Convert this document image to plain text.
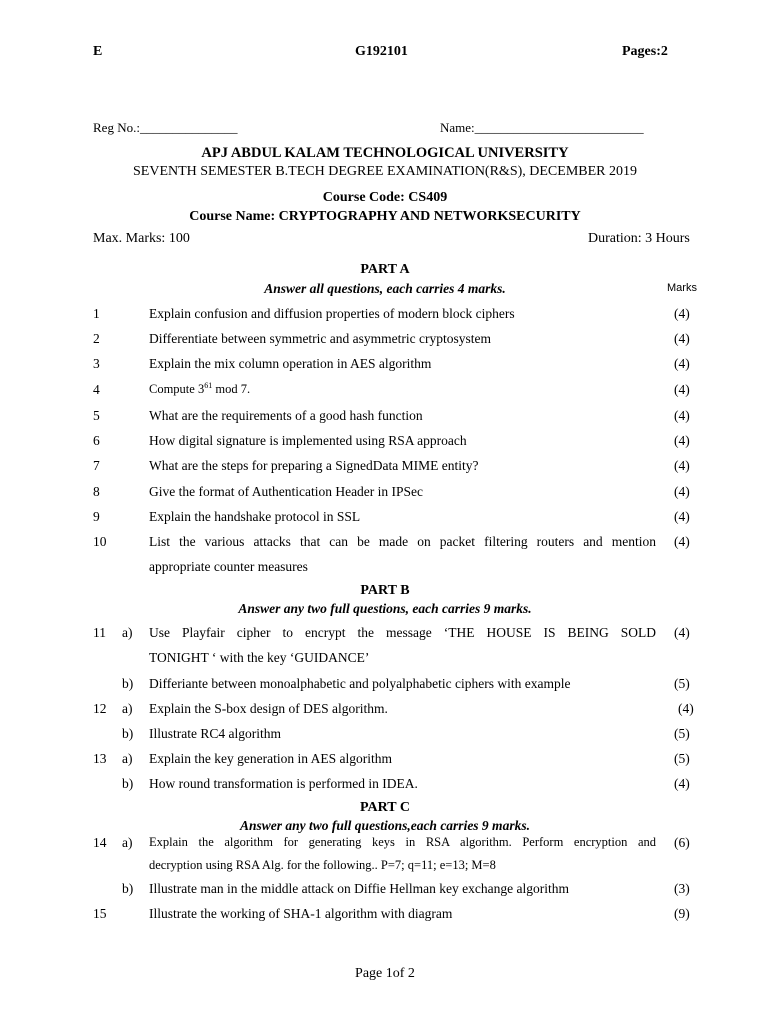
E	G192101	Pages:2
Reg No.:_______________	Name:__________________________
APJ ABDUL KALAM TECHNOLOGICAL UNIVERSITY
SEVENTH SEMESTER B.TECH DEGREE EXAMINATION(R&S), DECEMBER 2019
Course Code: CS409
Course Name: CRYPTOGRAPHY AND NETWORKSECURITY
Max. Marks: 100	Duration: 3 Hours
PART A
Answer all questions, each carries 4 marks.	Marks
1	Explain confusion and diffusion properties of modern block ciphers	(4)
2	Differentiate between symmetric and asymmetric cryptosystem	(4)
3	Explain the mix column operation in AES algorithm	(4)
4	Compute $3^{61}$ mod 7.	(4)
5	What are the requirements of a good hash function	(4)
6	How digital signature is implemented using RSA approach	(4)
7	What are the steps for preparing a SignedData MIME entity?	(4)
8	Give the format of Authentication Header in IPSec	(4)
9	Explain the handshake protocol in SSL	(4)
10	List the various attacks that can be made on packet filtering routers and mention
appropriate counter measures
(4)
PART B
Answer any two full questions, each carries 9 marks.
11 a) Use Playfair cipher to encrypt the message ‘THE HOUSE IS BEING SOLD
TONIGHT ‘ with the key ‘GUIDANCE’
(4)
b) Differiante between monoalphabetic and polyalphabetic ciphers with example	(5)
12 a) Explain the S-box design of DES algorithm.	(4)
b) Illustrate RC4 algorithm	(5)
13 a) Explain the key generation in AES algorithm	(5)
b) How round transformation is performed in IDEA.	(4)
PART C
Answer any two full questions,each carries 9 marks.
14 a) Explain the algorithm for generating keys in RSA algorithm. Perform encryption and
decryption using RSA Alg. for the following.. P=7; q=11; e=13; M=8
(6)
b) Illustrate man in the middle attack on Diffie Hellman key exchange algorithm	(3)
15	Illustrate the working of SHA-1 algorithm with diagram	(9)
Page 1of 2
